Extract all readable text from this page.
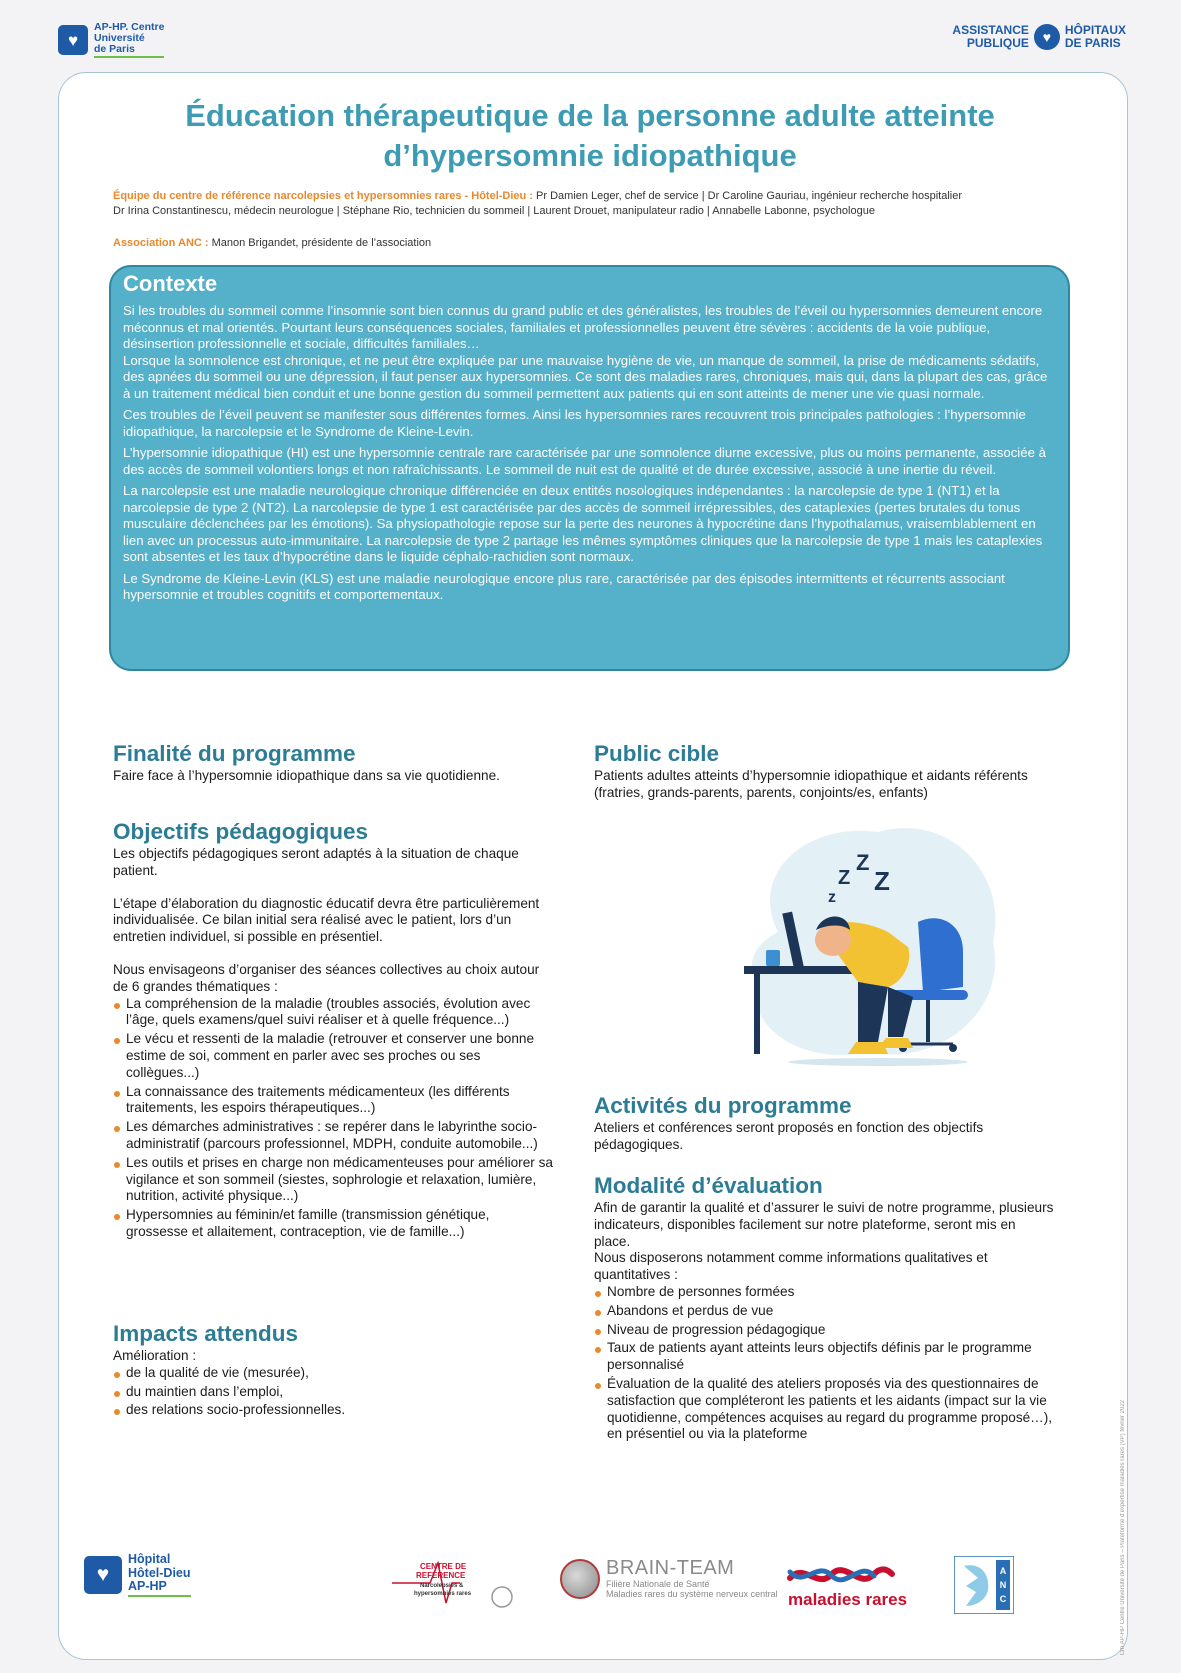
♥
AP-HP. Centre
Université
de Paris
ASSISTANCE
PUBLIQUE ♥	HÔPITAUX
DE PARIS
Éducation thérapeutique de la personne adulte atteinte
d’hypersomnie idiopathique
Équipe du centre de référence narcolepsies et hypersomnies rares - Hôtel-Dieu : Pr Damien Leger, chef de service | Dr Caroline Gauriau, ingénieur recherche hospitalier
Dr Irina Constantinescu, médecin neurologue | Stéphane Rio, technicien du sommeil | Laurent Drouet, manipulateur radio | Annabelle Labonne, psychologue
Association ANC : Manon Brigandet, présidente de l’association
Contexte

Si les troubles du sommeil comme l’insomnie sont bien connus du grand public et des généralistes, les troubles de l’éveil ou hypersomnies demeurent encore méconnus et mal orientés. Pourtant leurs conséquences sociales, familiales et professionnelles peuvent être sévères : accidents de la voie publique, désinsertion professionnelle et sociale, difficultés familiales…

Lorsque la somnolence est chronique, et ne peut être expliquée par une mauvaise hygiène de vie, un manque de sommeil, la prise de médicaments sédatifs, des apnées du sommeil ou une dépression, il faut penser aux hypersomnies. Ce sont des maladies rares, chroniques, mais qui, dans la plupart des cas, grâce à un traitement médical bien conduit et une bonne gestion du sommeil permettent aux patients qui en sont atteints de mener une vie quasi normale.

Ces troubles de l’éveil peuvent se manifester sous différentes formes. Ainsi les hypersomnies rares recouvrent trois principales pathologies : l’hypersomnie idiopathique, la narcolepsie et le Syndrome de Kleine-Levin.

L’hypersomnie idiopathique (HI) est une hypersomnie centrale rare caractérisée par une somnolence diurne excessive, plus ou moins permanente, associée à des accès de sommeil volontiers longs et non rafraîchissants. Le sommeil de nuit est de qualité et de durée excessive, associé à une inertie du réveil.

La narcolepsie est une maladie neurologique chronique différenciée en deux entités nosologiques indépendantes : la narcolepsie de type 1 (NT1) et la narcolepsie de type 2 (NT2). La narcolepsie de type 1 est caractérisée par des accès de sommeil irrépressibles, des cataplexies (pertes brutales du tonus musculaire déclenchées par les émotions). Sa physiopathologie repose sur la perte des neurones à hypocrétine dans l’hypothalamus, vraisemblablement en lien avec un processus auto-immunitaire. La narcolepsie de type 2 partage les mêmes symptômes cliniques que la narcolepsie de type 1 mais les cataplexies sont absentes et les taux d’hypocrétine dans le liquide céphalo-rachidien sont normaux.

Le Syndrome de Kleine-Levin (KLS) est une maladie neurologique encore plus rare, caractérisée par des épisodes intermittents et récurrents associant hypersomnie et troubles cognitifs et comportementaux.

Finalité du programme

Faire face à l’hypersomnie idiopathique dans sa vie quotidienne.

Objectifs pédagogiques

Les objectifs pédagogiques seront adaptés à la situation de chaque patient.

L’étape d’élaboration du diagnostic éducatif devra être particulièrement individualisée. Ce bilan initial sera réalisé avec le patient, lors d’un entretien individuel, si possible en présentiel.

Nous envisageons d’organiser des séances collectives au choix autour de 6 grandes thématiques :

La compréhension de la maladie (troubles associés, évolution avec l’âge, quels examens/quel suivi réaliser et à quelle fréquence...)
Le vécu et ressenti de la maladie (retrouver et conserver une bonne estime de soi, comment en parler avec ses proches ou ses collègues...)
La connaissance des traitements médicamenteux (les différents traitements, les espoirs thérapeutiques...)
Les démarches administratives : se repérer dans le labyrinthe socio-administratif (parcours professionnel, MDPH, conduite automobile...)
Les outils et prises en charge non médicamenteuses pour améliorer sa vigilance et son sommeil (siestes, sophrologie et relaxation, lumière, nutrition, activité physique...)
Hypersomnies au féminin/et famille (transmission génétique, grossesse et allaitement, contraception, vie de famille...)
Impacts attendus

Amélioration :

de la qualité de vie (mesurée),
du maintien dans l’emploi,
des relations socio-professionnelles.
Public cible

Patients adultes atteints d’hypersomnie idiopathique et aidants référents (fratries, grands-parents, parents, conjoints/es, enfants)

z
Z
Z
Z
Activités du programme

Ateliers et conférences seront proposés en fonction des objectifs pédagogiques.

Modalité d’évaluation

Afin de garantir la qualité et d’assurer le suivi de notre programme, plusieurs indicateurs, disponibles facilement sur notre plateforme, seront mis en place.

Nous disposerons notamment comme informations qualitatives et quantitatives :

Nombre de personnes formées
Abandons et perdus de vue
Niveau de progression pédagogique
Taux de patients ayant atteints leurs objectifs définis par le programme personnalisé
Évaluation de la qualité des ateliers proposés via des questionnaires de satisfaction que compléteront les patients et les aidants (impact sur la vie quotidienne, compétences acquises au regard du programme proposé…), en présentiel ou via la plateforme
♥
Hôpital
Hôtel-Dieu
AP-HP
CENTRE DE
REFERENCE
Narcolepsies &
hypersomnies rares
BRAIN-TEAM
Filière Nationale de Santé
Maladies rares du système nerveux central maladies rares
A
N
C	Crh AP-HP Centre Université de Paris – Plateforme d’expertise maladies rares (VP) février 2022
